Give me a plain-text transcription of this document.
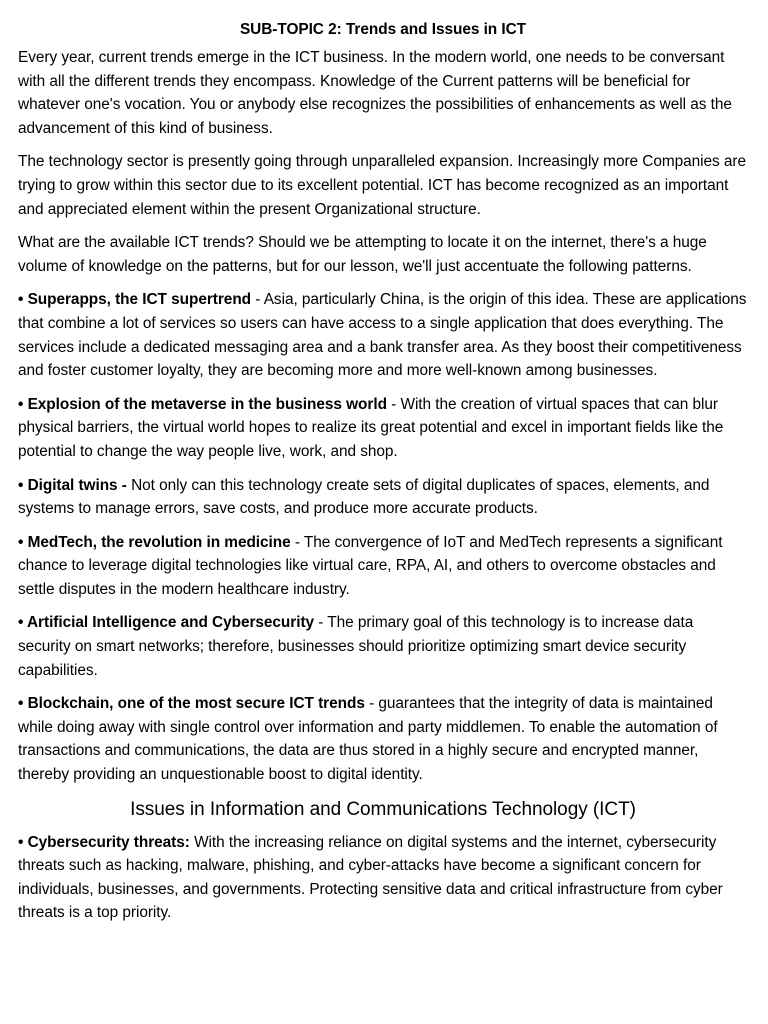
SUB-TOPIC 2: Trends and Issues in ICT

Every year, current trends emerge in the ICT business. In the modern world, one needs to be conversant with all the different trends they encompass. Knowledge of the Current patterns will be beneficial for whatever one's vocation. You or anybody else recognizes the possibilities of enhancements as well as the advancement of this kind of business.

The technology sector is presently going through unparalleled expansion. Increasingly more Companies are trying to grow within this sector due to its excellent potential. ICT has become recognized as an important and appreciated element within the present Organizational structure.

What are the available ICT trends? Should we be attempting to locate it on the internet, there's a huge volume of knowledge on the patterns, but for our lesson, we'll just accentuate the following patterns.

• Superapps, the ICT supertrend - Asia, particularly China, is the origin of this idea. These are applications that combine a lot of services so users can have access to a single application that does everything. The services include a dedicated messaging area and a bank transfer area. As they boost their competitiveness and foster customer loyalty, they are becoming more and more well-known among businesses.

• Explosion of the metaverse in the business world - With the creation of virtual spaces that can blur physical barriers, the virtual world hopes to realize its great potential and excel in important fields like the potential to change the way people live, work, and shop.

• Digital twins - Not only can this technology create sets of digital duplicates of spaces, elements, and systems to manage errors, save costs, and produce more accurate products.

• MedTech, the revolution in medicine - The convergence of IoT and MedTech represents a significant chance to leverage digital technologies like virtual care, RPA, AI, and others to overcome obstacles and settle disputes in the modern healthcare industry.

• Artificial Intelligence and Cybersecurity - The primary goal of this technology is to increase data security on smart networks; therefore, businesses should prioritize optimizing smart device security capabilities.

• Blockchain, one of the most secure ICT trends - guarantees that the integrity of data is maintained while doing away with single control over information and party middlemen. To enable the automation of transactions and communications, the data are thus stored in a highly secure and encrypted manner, thereby providing an unquestionable boost to digital identity.

Issues in Information and Communications Technology (ICT)

• Cybersecurity threats: With the increasing reliance on digital systems and the internet, cybersecurity threats such as hacking, malware, phishing, and cyber-attacks have become a significant concern for individuals, businesses, and governments. Protecting sensitive data and critical infrastructure from cyber threats is a top priority.
